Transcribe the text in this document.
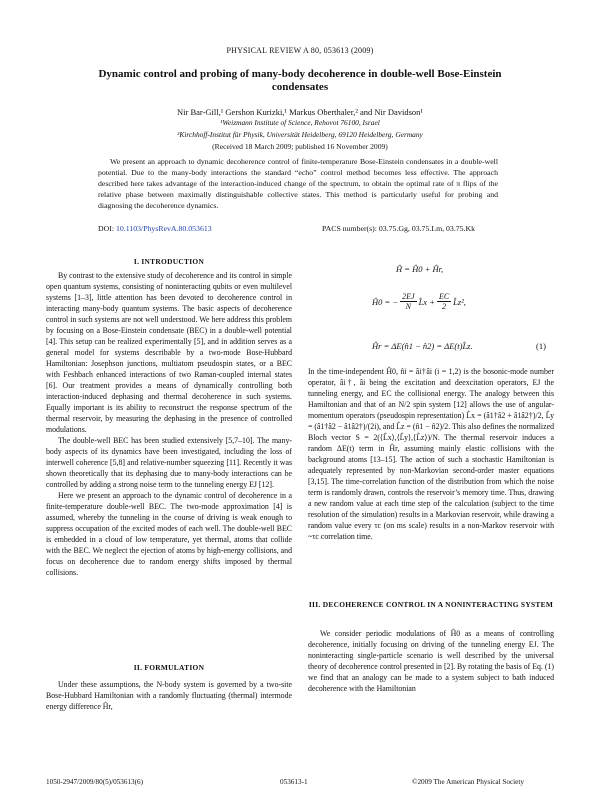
PHYSICAL REVIEW A 80, 053613 (2009)
Dynamic control and probing of many-body decoherence in double-well Bose-Einstein condensates
Nir Bar-Gill,¹ Gershon Kurizki,¹ Markus Oberthaler,² and Nir Davidson¹
¹Weizmann Institute of Science, Rehovot 76100, Israel
²Kirchhoff-Institut für Physik, Universität Heidelberg, 69120 Heidelberg, Germany
(Received 18 March 2009; published 16 November 2009)
We present an approach to dynamic decoherence control of finite-temperature Bose-Einstein condensates in a double-well potential. Due to the many-body interactions the standard “echo” control method becomes less effective. The approach described here takes advantage of the interaction-induced change of the spectrum, to obtain the optimal rate of π flips of the relative phase between maximally distinguishable collective states. This method is particularly useful for probing and diagnosing the decoherence dynamics.
DOI: 10.1103/PhysRevA.80.053613	PACS number(s): 03.75.Gg, 03.75.Lm, 03.75.Kk
I. INTRODUCTION

By contrast to the extensive study of decoherence and its control in simple open quantum systems, consisting of noninteracting qubits or even multilevel systems [1–3], little attention has been devoted to decoherence control in interacting many-body quantum systems. The basic aspects of decoherence control in such systems are not well understood. We here address this problem by focusing on a Bose-Einstein condensate (BEC) in a double-well potential [4]. This setup can be realized experimentally [5], and in addition serves as a general model for systems describable by a two-mode Bose-Hubbard Hamiltonian: Josephson junctions, multiatom pseudospin states, or a BEC with Feshbach enhanced interactions of two Raman-coupled internal states [6]. Our treatment provides a means of dynamically controlling both interaction-induced dephasing and thermal decoherence in such systems. Equally important is its ability to reconstruct the response spectrum of the thermal reservoir, by measuring the dephasing in the presence of controlled modulations.

The double-well BEC has been studied extensively [5,7–10]. The many-body aspects of its dynamics have been investigated, including the loss of interwell coherence [5,8] and relative-number squeezing [11]. Recently it was shown theoretically that its dephasing due to many-body interactions can be controlled by adding a strong noise term to the tunneling energy EJ [12].

Here we present an approach to the dynamic control of decoherence in a finite-temperature double-well BEC. The two-mode approximation [4] is assumed, whereby the tunneling in the course of driving is weak enough to suppress occupation of the excited modes of each well. The double-well BEC is embedded in a cloud of low temperature, yet thermal, atoms that collide with the BEC. We neglect the ejection of atoms by high-energy collisions, and focus on decoherence due to random energy shifts imposed by thermal collisions.

II. FORMULATION

Under these assumptions, the N-body system is governed by a two-site Bose-Hubbard Hamiltonian with a randomly fluctuating (thermal) intermode energy difference Ĥr,

Ĥ = Ĥ0 + Ĥr,
Ĥ0 = − $\frac{2EJ}{N}$ L̂x + $\frac{EC}{2}$ L̂z²,
Ĥr = ΔE(n̂1 − n̂2) = ΔE(t)L̂z.	(1)

In the time-independent Ĥ0, n̂i = âi†âi (i = 1,2) is the bosonic-mode number operator, âi†, âi being the excitation and deexcitation operators, EJ the tunneling energy, and EC the collisional energy. The analogy between this Hamiltonian and that of an N/2 spin system [12] allows the use of angular-momentum operators (pseudospin representation) L̂x = (â1†â2 + â1â2†)/2, L̂y = (â1†â2 − â1â2†)/(2i), and L̂z = (n̂1 − n̂2)/2. This also defines the normalized Bloch vector S = 2(⟨L̂x⟩,⟨L̂y⟩,⟨L̂z⟩)/N. The thermal reservoir induces a random ΔE(t) term in Ĥr, assuming mainly elastic collisions with the background atoms [13–15]. The action of such a stochastic Hamiltonian is adequately represented by non-Markovian second-order master equations [3,15]. The time-correlation function of the distribution from which the noise term is randomly drawn, controls the reservoir’s memory time. Thus, drawing a new random value at each time step of the calculation (subject to the time resolution of the simulation) results in a Markovian reservoir, while drawing a random value every τc (on ms scale) results in a non-Markov reservoir with ~τc correlation time.

III. DECOHERENCE CONTROL IN A NONINTERACTING SYSTEM

We consider periodic modulations of Ĥ0 as a means of controlling decoherence, initially focusing on driving of the tunneling energy EJ. The noninteracting single-particle scenario is well described by the universal theory of decoherence control presented in [2]. By rotating the basis of Eq. (1) we find that an analogy can be made to a system subject to bath induced decoherence with the Hamiltonian

1050-2947/2009/80(5)/053613(6)	053613-1	©2009 The American Physical Society
